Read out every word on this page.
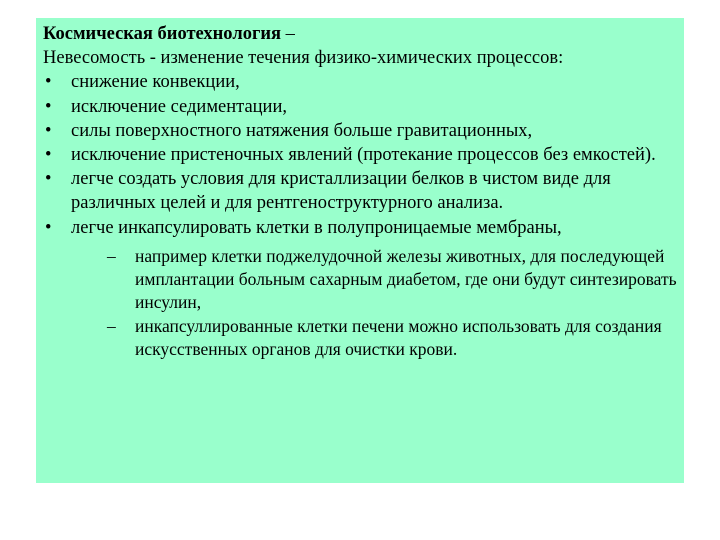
Космическая биотехнология –
Невесомость - изменение течения физико-химических процессов:
• снижение конвекции,
• исключение седиментации,
• силы поверхностного натяжения больше гравитационных,
• исключение пристеночных явлений (протекание процессов без емкостей).
• легче создать условия для кристаллизации белков в чистом виде для различных целей и для рентгеноструктурного анализа.
• легче инкапсулировать клетки в полупроницаемые мембраны,
– например клетки поджелудочной железы животных, для последующей имплантации больным сахарным диабетом, где они будут синтезировать инсулин,
– инкапсуллированные клетки печени можно использовать для создания искусственных органов для очистки крови.
